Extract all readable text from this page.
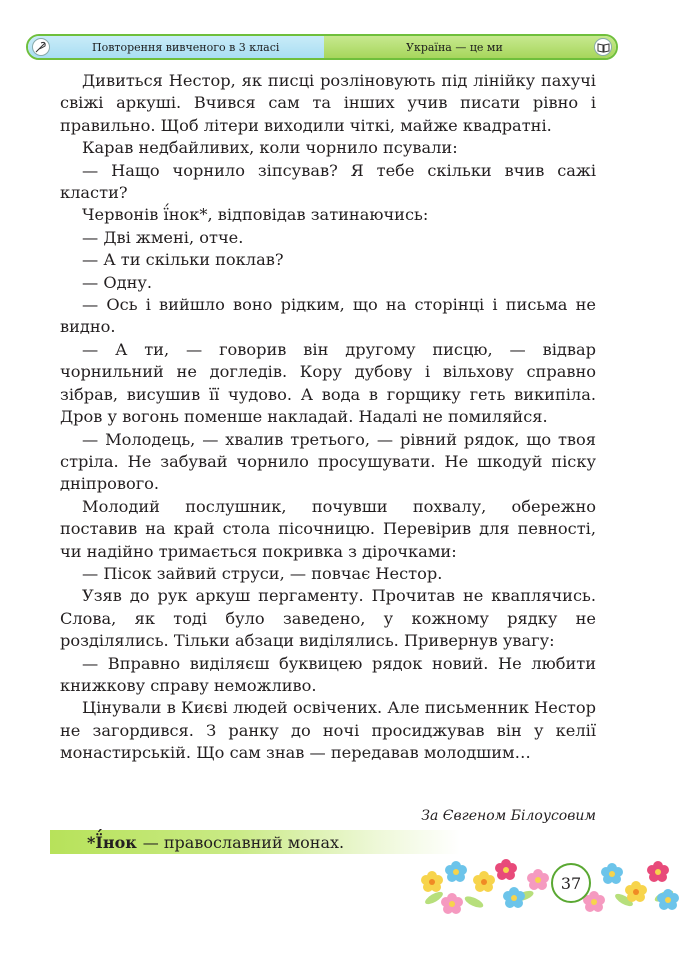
Повторення вивченого в 3 класі	Україна — це ми

Дивиться Нестор, як писці розліновують під лінійку пахучі свіжі аркуші. Вчився сам та інших учив писати рівно і правильно. Щоб літери виходили чіткі, майже квадратні.

Карав недбайливих, коли чорнило псували:

— Нащо чорнило зіпсував? Я тебе скільки вчив сажі класти?

Червонів ї́нок*, відповідав затинаючись:

— Дві жмені, отче.

— А ти скільки поклав?

— Одну.

— Ось і вийшло воно рідким, що на сторінці і письма не видно.

— А ти, — говорив він другому писцю, — відвар чорнильний не догледів. Кору дубову і вільхову справно зібрав, висушив її чудово. А вода в горщику геть википіла. Дров у вогонь поменше накладай. Надалі не помиляйся.

— Молодець, — хвалив третього, — рівний рядок, що твоя стріла. Не забувай чорнило просушувати. Не шкодуй піску дніпрового.

Молодий послушник, почувши похвалу, обережно поставив на край стола пісочницю. Перевірив для певності, чи надійно тримається покривка з дірочками:

— Пісок зайвий струси, — повчає Нестор.

Узяв до рук аркуш пергаменту. Прочитав не кваплячись. Слова, як тоді було заведено, у кожному рядку не розділялись. Тільки абзаци виділялись. Привернув увагу:

— Вправно виділяєш буквицею рядок новий. Не любити книжкову справу неможливо.

Цінували в Києві людей освічених. Але письменник Нестор не загордився. З ранку до ночі просиджував він у келії монастирській. Що сам знав — передавав молодшим…

За Євгеном Білоусовим
*Ї́нок — православний монах.
37
